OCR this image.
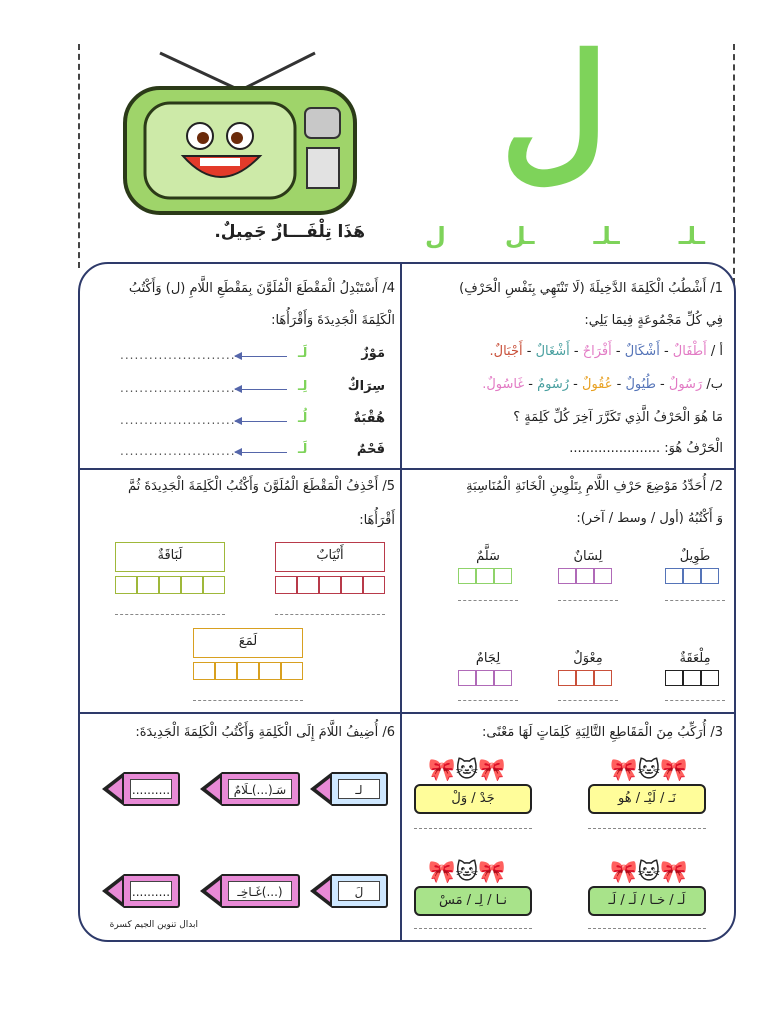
ل
ـلـ
ـلـ
ـل
ل
هَذَا تِلْفَـــازٌ جَمِيلٌ.
1/ أَشْطُبُ الْكَلِمَةَ الدَّخِيلَةَ (لَا تَنْتَهِي بِنَفْسِ الْحَرْفِ)
فِي كُلِّ مَجْمُوعَةٍ فِيمَا يَلِي:
أ / أَطْفَالٌ - أَشْكَالٌ - أَفْرَاحٌ - أَشْغَالٌ - أَجْبَالٌ.
ب/ رَسُولٌ - طُيُولٌ - عُقُولٌ - رُسُومٌ - غَاسُولٌ.
مَا هُوَ الْحَرْفُ الَّذِي تَكَرَّرَ آخِرَ كُلِّ كَلِمَةٍ ؟
الْحَرْفُ هُوَ: ......................
4/ أَسْتَبْدِلُ الْمَقْطَعَ الْمُلَوَّنَ بِمَقْطَعِ اللَّامِ (ل) وَأَكْتُبُ
الْكَلِمَةَ الْجَدِيدَةَ وَأَقْرَأُهَا:
مَوْزٌ
لَـ
........................
سِرَاكٌ
لِـ
........................
هُقْبَةٌ
لُـ
........................
فَحْمٌ
لَـ
........................
2/ أُحَدِّدُ مَوْضِعَ حَرْفِ اللَّامِ بِتَلْوِينِ الْخَانَةِ الْمُنَاسِبَةِ
وَ أَكْتُبُهُ (أول / وسط / آخر):
طَوِيلٌ
لِسَانٌ
سَلَّمٌ
مِلْعَقَةٌ
مِعْوَلٌ
لِجَامٌ
5/ أَحْذِفُ الْمَقْطَعَ الْمُلَوَّنَ وَأَكْتُبُ الْكَلِمَةَ الْجَدِيدَةَ ثُمَّ
أَقْرَأُهَا:
أَنْيَابٌ
لَبَاقَةٌ
لَمَعَ
3/ أُرَكِّبُ مِنَ الْمَقَاطِعِ التَّالِيَةِ كَلِمَاتٍ لَهَا مَعْنًى:
🎀🐱🎀
نَـ / لَيْـ / هُو
🎀🐱🎀
جَدْ / وَلْ
🎀🐱🎀
لَـ / خـا / لَـ / لَـ
🎀🐱🎀
نـا / لِـ / مَسْ
6/ أُضِيفُ اللَّامَ إِلَى الْكَلِمَةِ وَأَكْتُبُ الْكَلِمَةَ الْجَدِيدَةَ:
لـ
سَـ(...)ـلَامٌ
..........
لَ
غَـاخِـ(...)
..........
ابدال تنوين الجيم كسرة
